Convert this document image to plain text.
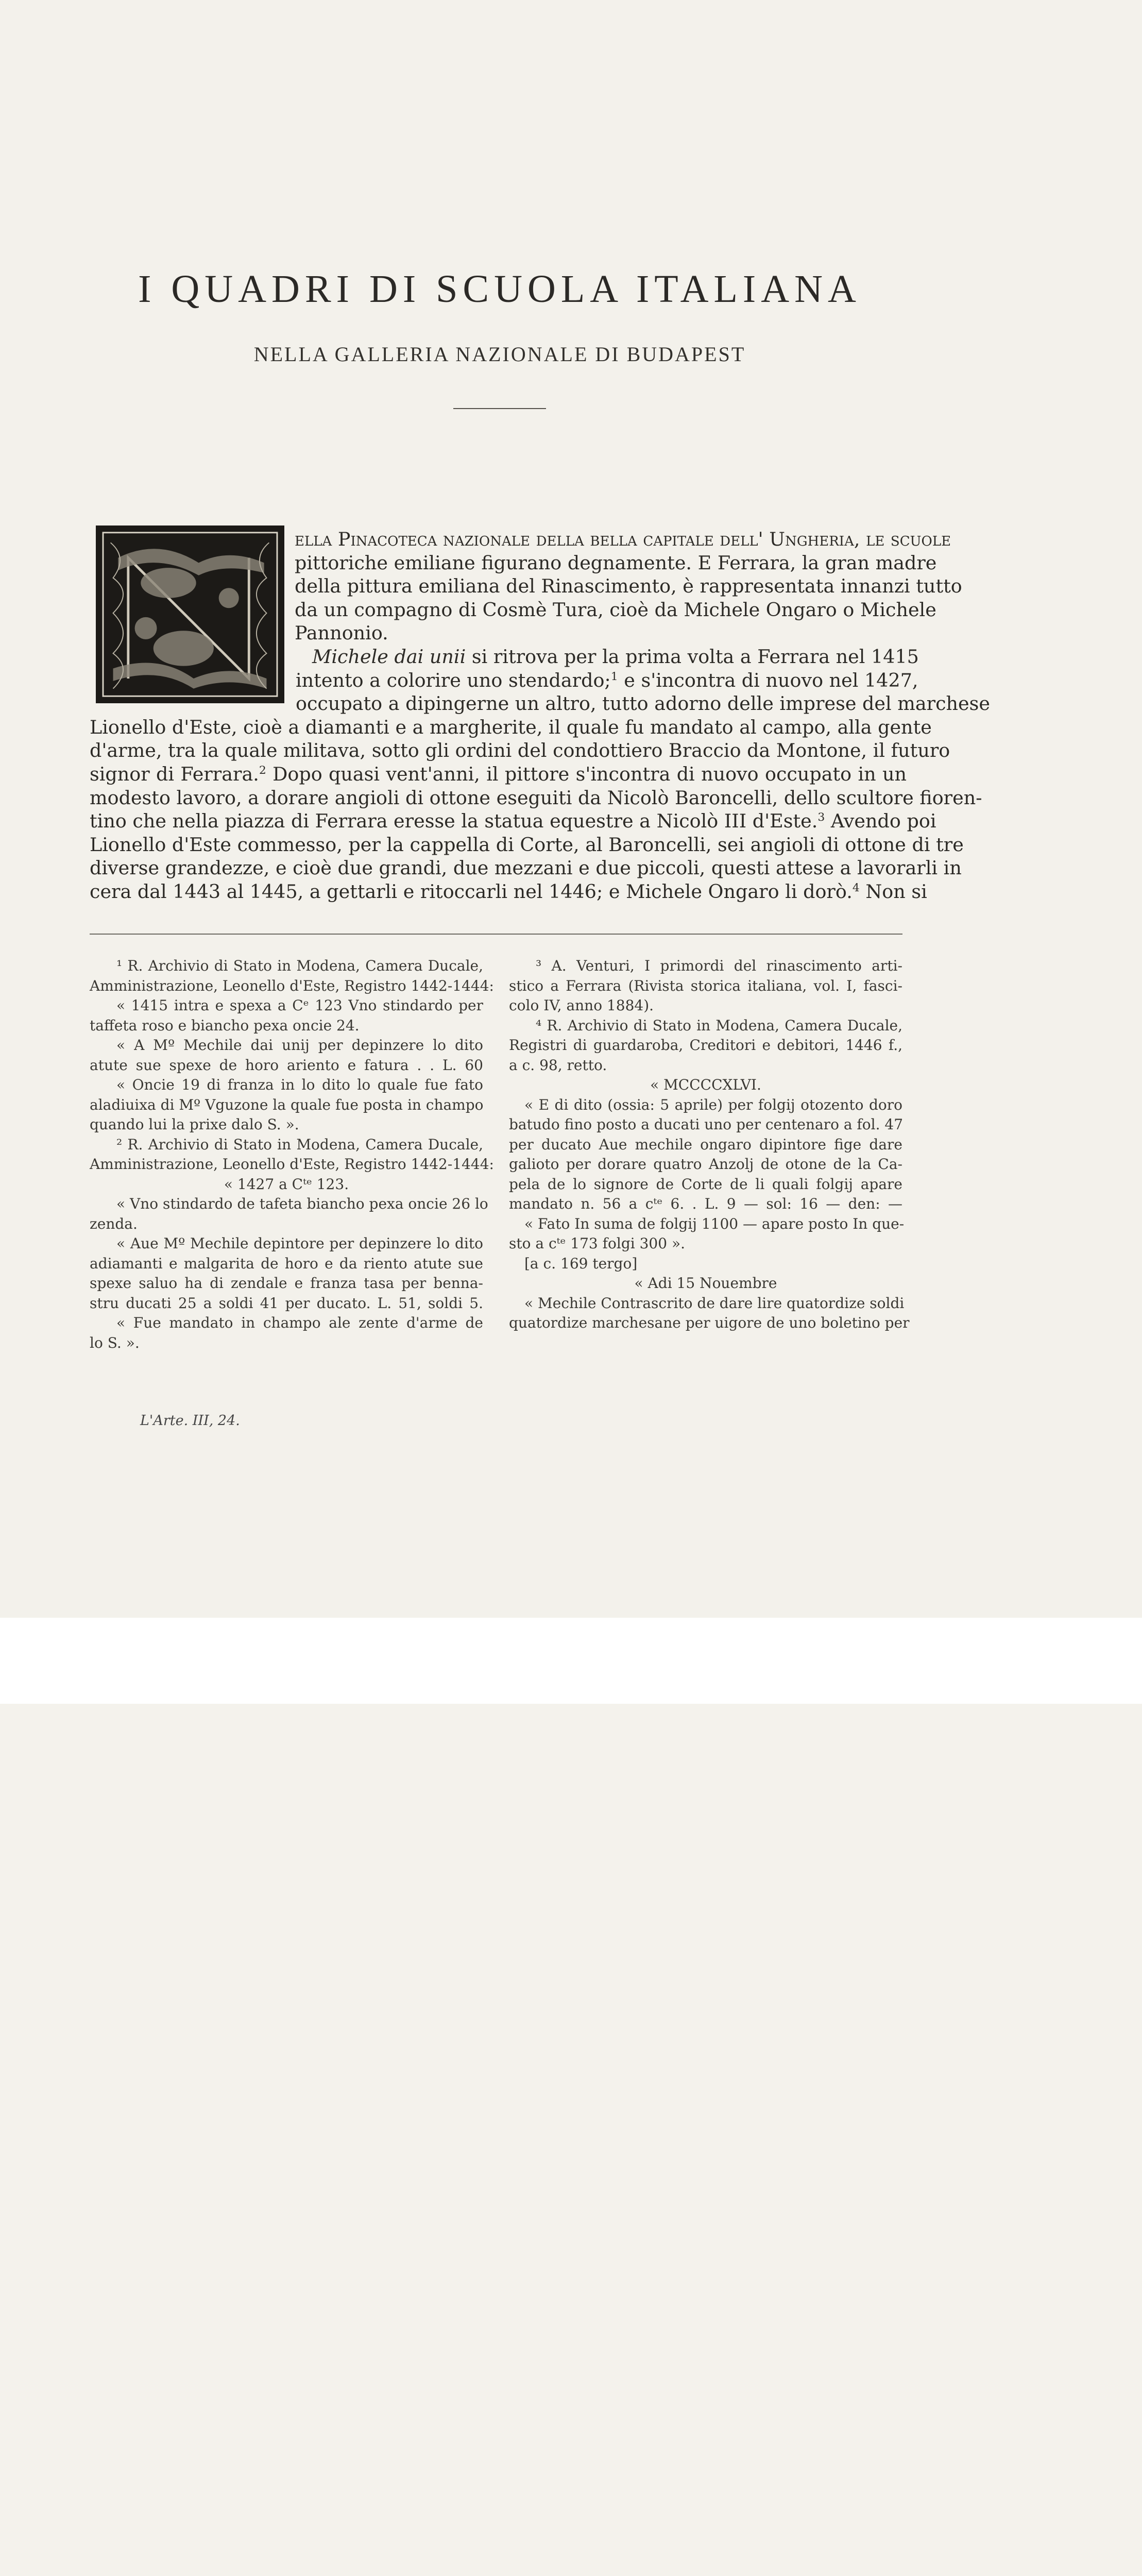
I QUADRI DI SCUOLA ITALIANA
NELLA GALLERIA NAZIONALE DI BUDAPEST
ella Pinacoteca nazionale della bella capitale dell' Ungheria, le scuole
pittoriche emiliane figurano degnamente. E Ferrara, la gran madre
della pittura emiliana del Rinascimento, è rappresentata innanzi tutto
da un compagno di Cosmè Tura, cioè da Michele Ongaro o Michele
Pannonio.
Michele dai unii si ritrova per la prima volta a Ferrara nel 1415
intento a colorire uno stendardo;$^1$ e s'incontra di nuovo nel 1427,
occupato a dipingerne un altro, tutto adorno delle imprese del marchese
Lionello d'Este, cioè a diamanti e a margherite, il quale fu mandato al campo, alla gente
d'arme, tra la quale militava, sotto gli ordini del condottiero Braccio da Montone, il futuro
signor di Ferrara.$^2$ Dopo quasi vent'anni, il pittore s'incontra di nuovo occupato in un
modesto lavoro, a dorare angioli di ottone eseguiti da Nicolò Baroncelli, dello scultore fioren-
tino che nella piazza di Ferrara eresse la statua equestre a Nicolò III d'Este.$^3$ Avendo poi
Lionello d'Este commesso, per la cappella di Corte, al Baroncelli, sei angioli di ottone di tre
diverse grandezze, e cioè due grandi, due mezzani e due piccoli, questi attese a lavorarli in
cera dal 1443 al 1445, a gettarli e ritoccarli nel 1446; e Michele Ongaro li dorò.$^4$ Non si
¹ R. Archivio di Stato in Modena, Camera Ducale,
Amministrazione, Leonello d'Este, Registro 1442-1444:
« 1415 intra e spexa a Cᵉ 123 Vno stindardo per
taffeta roso e biancho pexa oncie 24.
« A Mº Mechile dai unij per depinzere lo dito
atute sue spexe de horo ariento e fatura . . L. 60
« Oncie 19 di franza in lo dito lo quale fue fato
aladiuixa di Mº Vguzone la quale fue posta in champo
quando lui la prixe dalo S. ».
² R. Archivio di Stato in Modena, Camera Ducale,
Amministrazione, Leonello d'Este, Registro 1442-1444:
« 1427 a Cᵗᵉ 123.
« Vno stindardo de tafeta biancho pexa oncie 26 lo
zenda.
« Aue Mº Mechile depintore per depinzere lo dito
adiamanti e malgarita de horo e da riento atute sue
spexe saluo ha di zendale e franza tasa per benna-
stru ducati 25 a soldi 41 per ducato. L. 51, soldi 5.
« Fue mandato in champo ale zente d'arme de
lo S. ».
³ A. Venturi, I primordi del rinascimento arti-
stico a Ferrara (Rivista storica italiana, vol. I, fasci-
colo IV, anno 1884).
⁴ R. Archivio di Stato in Modena, Camera Ducale,
Registri di guardaroba, Creditori e debitori, 1446 f.,
a c. 98, retto.
« MCCCCXLVI.
« E di dito (ossia: 5 aprile) per folgij otozento doro
batudo fino posto a ducati uno per centenaro a fol. 47
per ducato Aue mechile ongaro dipintore fige dare
galioto per dorare quatro Anzolj de otone de la Ca-
pela de lo signore de Corte de li quali folgij apare
mandato n. 56 a cᵗᵉ 6. . L. 9 — sol: 16 — den: —
« Fato In suma de folgij 1100 — apare posto In que-
sto a cᵗᵉ 173 folgi 300 ».
[a c. 169 tergo]
« Adi 15 Nouembre
« Mechile Contrascrito de dare lire quatordize soldi
quatordize marchesane per uigore de uno boletino per
L'Arte. III, 24.
